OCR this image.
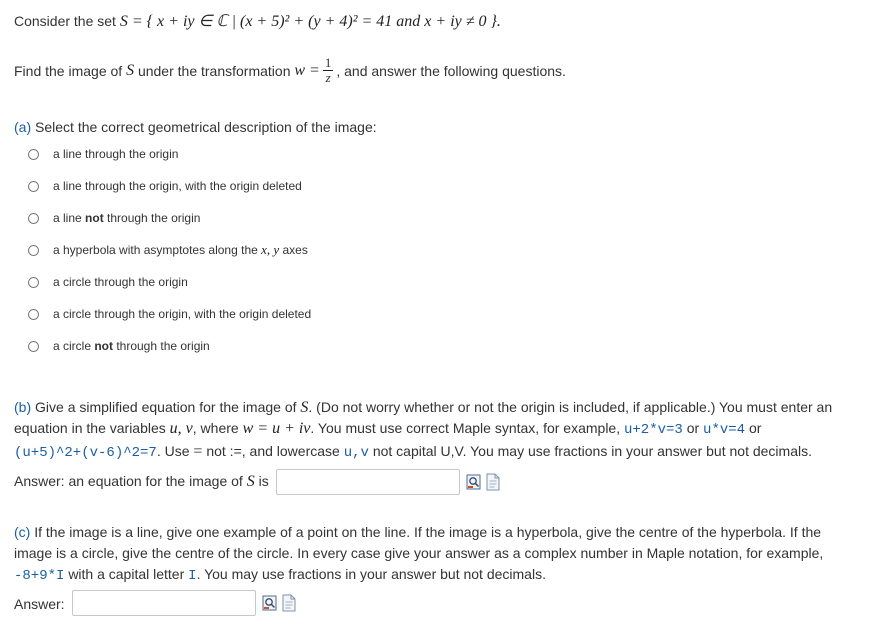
Consider the set S = { x + iy ∈ ℂ | (x + 5)² + (y + 4)² = 41 and x + iy ≠ 0 }.
Find the image of
S
under the transformation
$w = \frac{1}{z}$ , and answer the following questions.
(a) Select the correct geometrical description of the image:
a line through the origin
a line through the origin, with the origin deleted
a line not through the origin
a hyperbola with asymptotes along the x, y axes
a circle through the origin
a circle through the origin, with the origin deleted
a circle not through the origin
(b) Give a simplified equation for the image of S. (Do not worry whether or not the origin is included, if applicable.) You must enter an
equation in the variables u, v, where w = u + iv. You must use correct Maple syntax, for example, u+2*v=3 or u*v=4 or
(u+5)^2+(v-6)^2=7. Use = not :=, and lowercase u,v not capital U,V. You may use fractions in your answer but not decimals.
Answer: an equation for the image of S is
(c) If the image is a line, give one example of a point on the line. If the image is a hyperbola, give the centre of the hyperbola. If the
image is a circle, give the centre of the circle. In every case give your answer as a complex number in Maple notation, for example,
-8+9*I with a capital letter I. You may use fractions in your answer but not decimals.
Answer:
